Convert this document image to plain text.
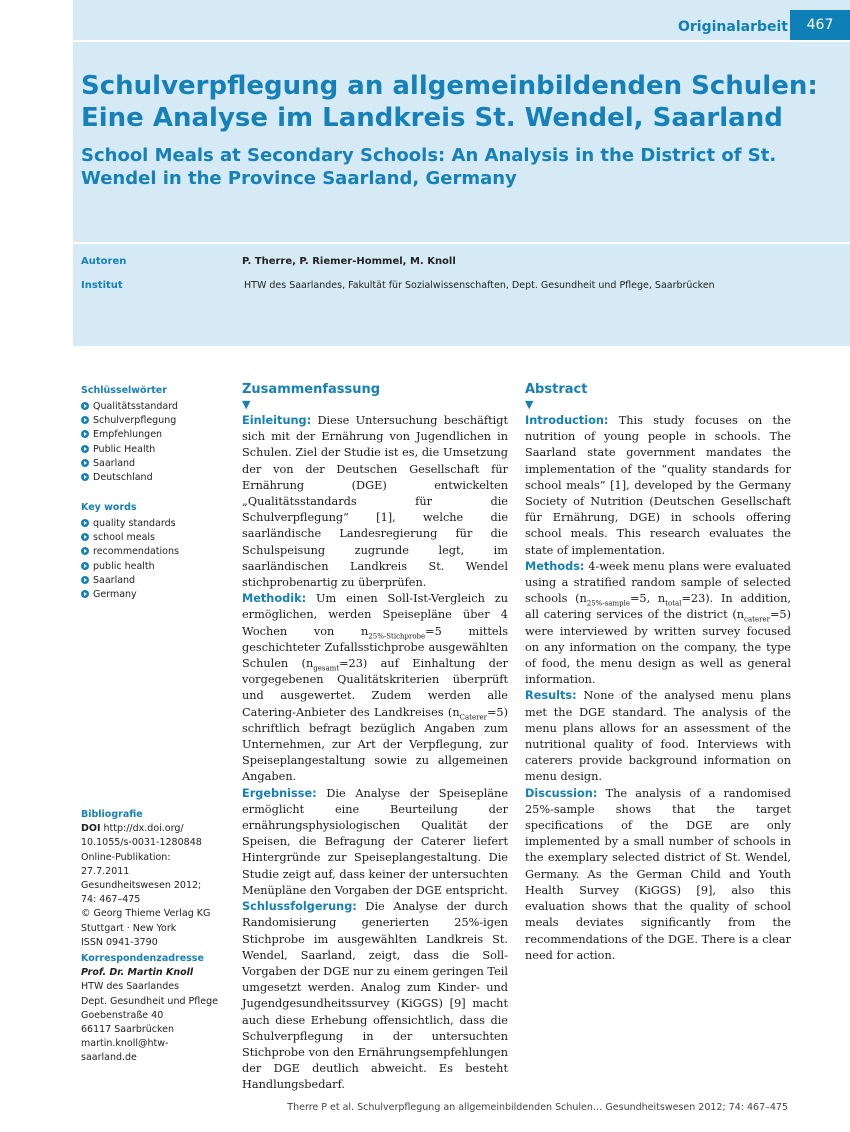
Originalarbeit	467
Schulverpflegung an allgemeinbildenden Schulen: Eine Analyse im Landkreis St. Wendel, Saarland
School Meals at Secondary Schools: An Analysis in the District of St. Wendel in the Province Saarland, Germany
Autoren	P. Therre, P. Riemer-Hommel, M. Knoll
Institut	HTW des Saarlandes, Fakultät für Sozialwissenschaften, Dept. Gesundheit und Pflege, Saarbrücken

Schlüsselwörter

Qualitätsstandard
Schulverpflegung
Empfehlungen
Public Health
Saarland
Deutschland

Key words

quality standards
school meals
recommendations
public health
Saarland
Germany

Bibliografie

DOI http://dx.doi.org/

10.1055/s-0031-1280848

Online-Publikation: 27.7.2011

Gesundheitswesen 2012;

74: 467–475

© Georg Thieme Verlag KG

Stuttgart · New York

ISSN 0941-3790

Korrespondenzadresse

Prof. Dr. Martin Knoll

HTW des Saarlandes

Dept. Gesundheit und Pflege

Goebenstraße 40

66117 Saarbrücken

martin.knoll@htw-saarland.de

Zusammenfassung

▼

Einleitung: Diese Untersuchung beschäftigt sich mit der Ernährung von Jugendlichen in Schulen. Ziel der Studie ist es, die Umsetzung der von der Deutschen Gesellschaft für Ernährung (DGE) entwickelten „Qualitätsstandards für die Schulverpflegung“ [1], welche die saarländische Landesregierung für die Schulspeisung zugrunde legt, im saarländischen Landkreis St. Wendel stichprobenartig zu überprüfen.

Methodik: Um einen Soll-Ist-Vergleich zu ermöglichen, werden Speisepläne über 4 Wochen von $n_{25\%-Stichprobe}=5$ mittels geschichteter Zufallsstichprobe ausgewählten Schulen $(n_{gesamt}=23)$ auf Einhaltung der vorgegebenen Qualitätskriterien überprüft und ausgewertet. Zudem werden alle Catering-Anbieter des Landkreises $(n_{Caterer}=5)$ schriftlich befragt bezüglich Angaben zum Unternehmen, zur Art der Verpflegung, zur Speiseplangestaltung sowie zu allgemeinen Angaben.

Ergebnisse: Die Analyse der Speisepläne ermöglicht eine Beurteilung der ernährungsphysiologischen Qualität der Speisen, die Befragung der Caterer liefert Hintergründe zur Speiseplangestaltung. Die Studie zeigt auf, dass keiner der untersuchten Menüpläne den Vorgaben der DGE entspricht.

Schlussfolgerung: Die Analyse der durch Randomisierung generierten 25%-igen Stichprobe im ausgewählten Landkreis St. Wendel, Saarland, zeigt, dass die Soll-Vorgaben der DGE nur zu einem geringen Teil umgesetzt werden. Analog zum Kinder- und Jugendgesundheitssurvey (KiGGS) [9] macht auch diese Erhebung offensichtlich, dass die Schulverpflegung in der untersuchten Stichprobe von den Ernährungsempfehlungen der DGE deutlich abweicht. Es besteht Handlungsbedarf.

Abstract

▼

Introduction: This study focuses on the nutrition of young people in schools. The Saarland state government mandates the implementation of the “quality standards for school meals” [1], developed by the Germany Society of Nutrition (Deutschen Gesellschaft für Ernährung, DGE) in schools offering school meals. This research evaluates the state of implementation.

Methods: 4-week menu plans were evaluated using a stratified random sample of selected schools ($n_{25\%-sample}=5$, $n_{total}=23$). In addition, all catering services of the district $(n_{caterer}=5)$ were interviewed by written survey focused on any information on the company, the type of food, the menu design as well as general information.

Results: None of the analysed menu plans met the DGE standard. The analysis of the menu plans allows for an assessment of the nutritional quality of food. Interviews with caterers provide background information on menu design.

Discussion: The analysis of a randomised 25%-sample shows that the target specifications of the DGE are only implemented by a small number of schools in the exemplary selected district of St. Wendel, Germany. As the German Child and Youth Health Survey (KiGGS) [9], also this evaluation shows that the quality of school meals deviates significantly from the recommendations of the DGE. There is a clear need for action.

Therre P et al. Schulverpflegung an allgemeinbildenden Schulen… Gesundheitswesen 2012; 74: 467–475
